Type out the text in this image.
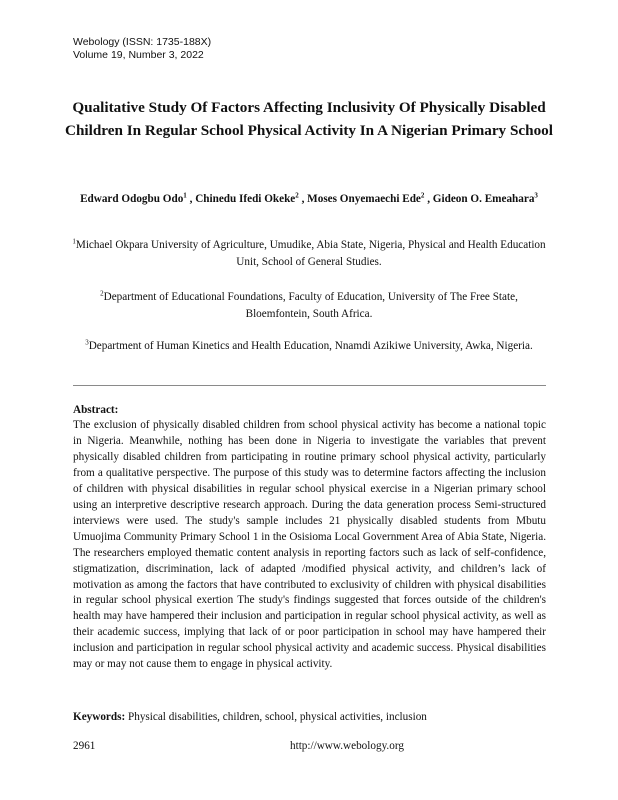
Webology (ISSN: 1735-188X)
Volume 19, Number 3, 2022
Qualitative Study Of Factors Affecting Inclusivity Of Physically Disabled Children In Regular School Physical Activity In A Nigerian Primary School
Edward Odogbu Odo$^1$ , Chinedu Ifedi Okeke$^2$ , Moses Onyemaechi Ede$^2$ , Gideon O. Emeahara$^3$
$^1$Michael Okpara University of Agriculture, Umudike, Abia State, Nigeria, Physical and Health Education Unit, School of General Studies.
$^2$Department of Educational Foundations, Faculty of Education, University of The Free State, Bloemfontein, South Africa.
$^3$Department of Human Kinetics and Health Education, Nnamdi Azikiwe University, Awka, Nigeria.
Abstract:

The exclusion of physically disabled children from school physical activity has become a national topic in Nigeria. Meanwhile, nothing has been done in Nigeria to investigate the variables that prevent physically disabled children from participating in routine primary school physical activity, particularly from a qualitative perspective. The purpose of this study was to determine factors affecting the inclusion of children with physical disabilities in regular school physical exercise in a Nigerian primary school using an interpretive descriptive research approach. During the data generation process Semi-structured interviews were used. The study's sample includes 21 physically disabled students from Mbutu Umuojima Community Primary School 1 in the Osisioma Local Government Area of Abia State, Nigeria. The researchers employed thematic content analysis in reporting factors such as lack of self-confidence, stigmatization, discrimination, lack of adapted /modified physical activity, and children’s lack of motivation as among the factors that have contributed to exclusivity of children with physical disabilities in regular school physical exertion The study's findings suggested that forces outside of the children's health may have hampered their inclusion and participation in regular school physical activity, as well as their academic success, implying that lack of or poor participation in school may have hampered their inclusion and participation in regular school physical activity and academic success. Physical disabilities may or may not cause them to engage in physical activity.

Keywords: Physical disabilities, children, school, physical activities, inclusion
2961	http://www.webology.org
